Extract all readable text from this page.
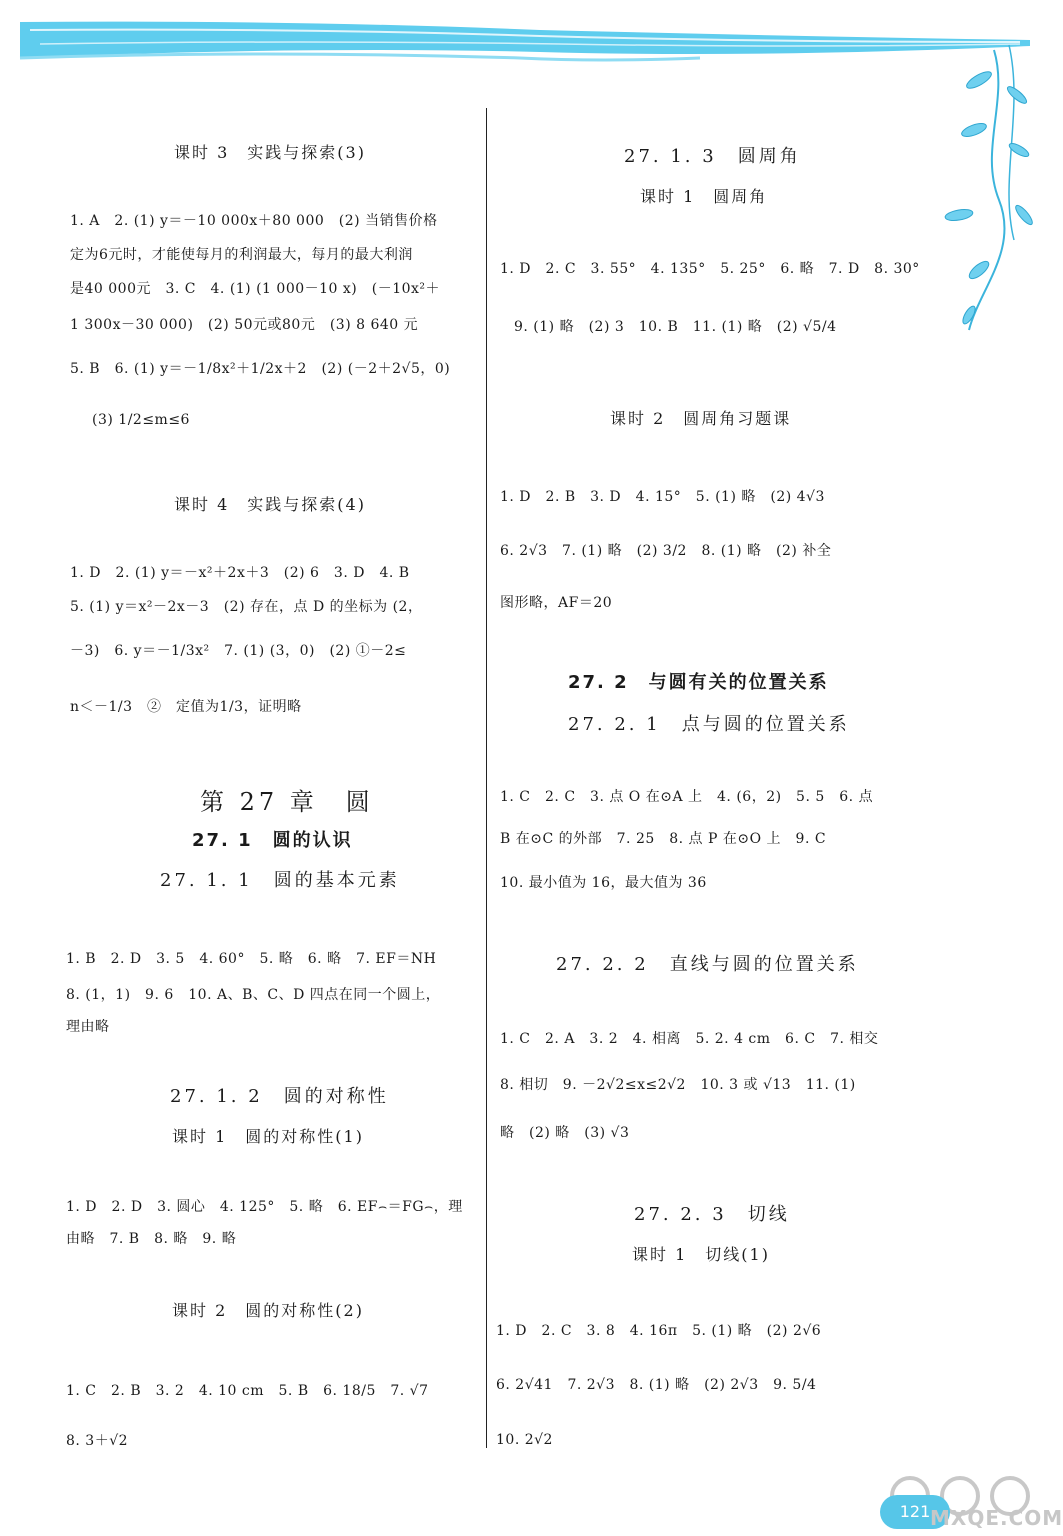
课时 3　实践与探索(3)
1. A　2. (1) y＝－10 000x＋80 000　(2) 当销售价格
定为6元时，才能使每月的利润最大，每月的最大利润
是40 000元　3. C　4. (1) (1 000－10 x)　(－10x²＋
1 300x－30 000)　(2) 50元或80元　(3) 8 640 元
5. B　6. (1) y＝－1/8x²＋1/2x＋2　(2) (－2＋2√5，0)
(3) 1/2≤m≤6
课时 4　实践与探索(4)
1. D　2. (1) y＝－x²＋2x＋3　(2) 6　3. D　4. B
5. (1) y＝x²－2x－3　(2) 存在，点 D 的坐标为 (2，
－3)　6. y＝－1/3x²　7. (1) (3，0)　(2) ①－2≤
n＜－1/3　②　定值为1/3，证明略
第 27 章　圆
27. 1　圆的认识
27. 1. 1　圆的基本元素
1. B　2. D　3. 5　4. 60°　5. 略　6. 略　7. EF＝NH
8. (1，1)　9. 6　10. A、B、C、D 四点在同一个圆上，
理由略
27. 1. 2　圆的对称性
课时 1　圆的对称性(1)
1. D　2. D　3. 圆心　4. 125°　5. 略　6. EF⌢＝FG⌢，理
由略　7. B　8. 略　9. 略
课时 2　圆的对称性(2)
1. C　2. B　3. 2　4. 10 cm　5. B　6. 18/5　7. √7
8. 3＋√2
27. 1. 3　圆周角
课时 1　圆周角
1. D　2. C　3. 55°　4. 135°　5. 25°　6. 略　7. D　8. 30°
9. (1) 略　(2) 3　10. B　11. (1) 略　(2) √5/4
课时 2　圆周角习题课
1. D　2. B　3. D　4. 15°　5. (1) 略　(2) 4√3
6. 2√3　7. (1) 略　(2) 3/2　8. (1) 略　(2) 补全
图形略，AF＝20
27. 2　与圆有关的位置关系
27. 2. 1　点与圆的位置关系
1. C　2. C　3. 点 O 在⊙A 上　4. (6，2)　5. 5　6. 点
B 在⊙C 的外部　7. 25　8. 点 P 在⊙O 上　9. C
10. 最小值为 16，最大值为 36
27. 2. 2　直线与圆的位置关系
1. C　2. A　3. 2　4. 相离　5. 2. 4 cm　6. C　7. 相交
8. 相切　9. －2√2≤x≤2√2　10. 3 或 √13　11. (1)
略　(2) 略　(3) √3
27. 2. 3　切线
课时 1　切线(1)
1. D　2. C　3. 8　4. 16π　5. (1) 略　(2) 2√6
6. 2√41　7. 2√3　8. (1) 略　(2) 2√3　9. 5/4
10. 2√2
121 MXQE.COM
